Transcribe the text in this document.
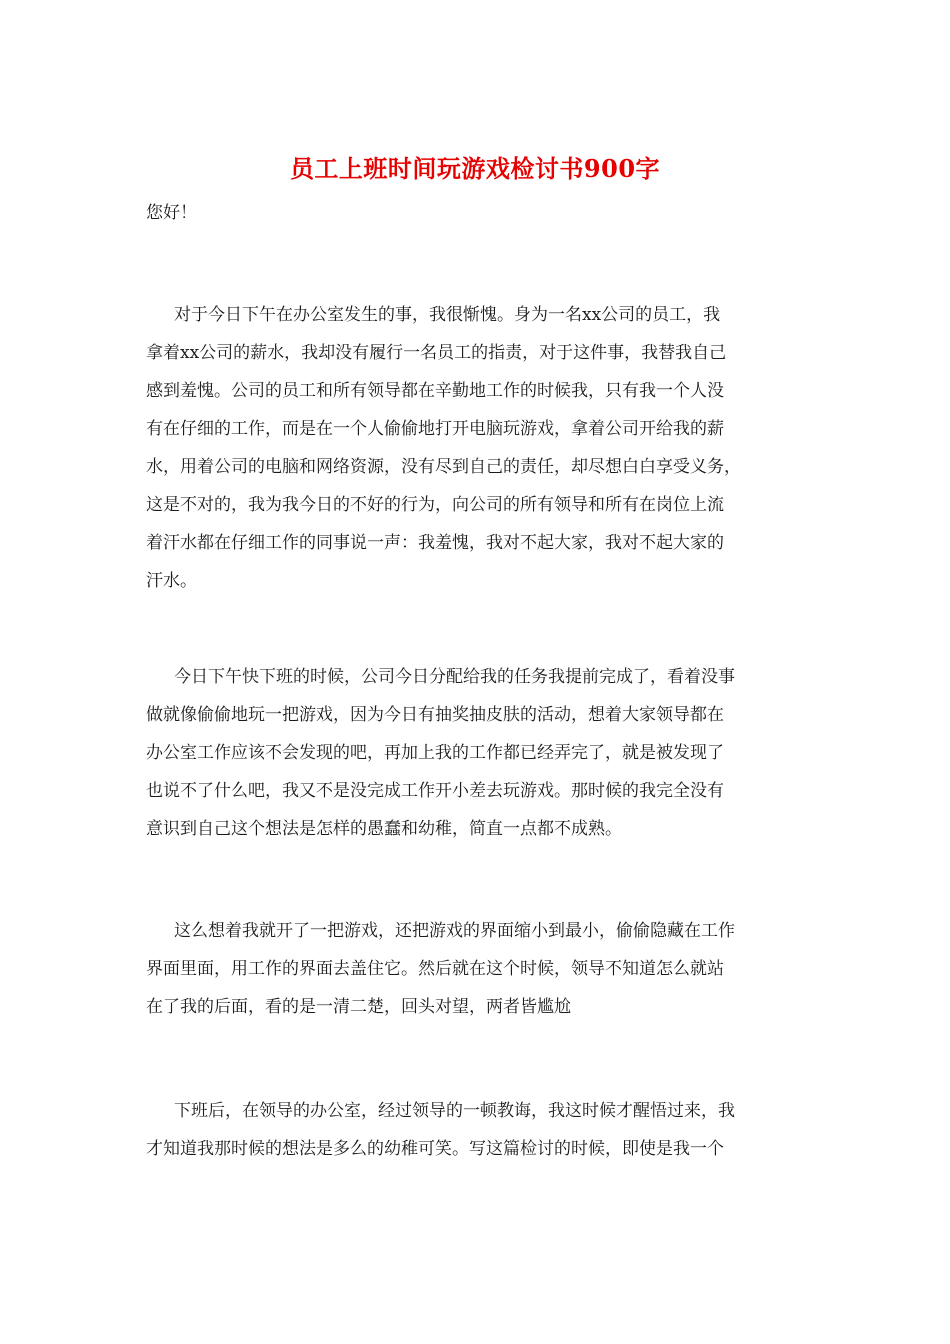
员工上班时间玩游戏检讨书900字
您好！
对于今日下午在办公室发生的事，我很惭愧。身为一名xx公司的员工，我
拿着xx公司的薪水，我却没有履行一名员工的指责，对于这件事，我替我自己
感到羞愧。公司的员工和所有领导都在辛勤地工作的时候我，只有我一个人没
有在仔细的工作，而是在一个人偷偷地打开电脑玩游戏，拿着公司开给我的薪
水，用着公司的电脑和网络资源，没有尽到自己的责任，却尽想白白享受义务，
这是不对的，我为我今日的不好的行为，向公司的所有领导和所有在岗位上流
着汗水都在仔细工作的同事说一声：我羞愧，我对不起大家，我对不起大家的
汗水。
今日下午快下班的时候，公司今日分配给我的任务我提前完成了，看着没事
做就像偷偷地玩一把游戏，因为今日有抽奖抽皮肤的活动，想着大家领导都在
办公室工作应该不会发现的吧，再加上我的工作都已经弄完了，就是被发现了
也说不了什么吧，我又不是没完成工作开小差去玩游戏。那时候的我完全没有
意识到自己这个想法是怎样的愚蠢和幼稚，简直一点都不成熟。
这么想着我就开了一把游戏，还把游戏的界面缩小到最小，偷偷隐藏在工作
界面里面，用工作的界面去盖住它。然后就在这个时候，领导不知道怎么就站
在了我的后面，看的是一清二楚，回头对望，两者皆尴尬
下班后，在领导的办公室，经过领导的一顿教诲，我这时候才醒悟过来，我
才知道我那时候的想法是多么的幼稚可笑。写这篇检讨的时候，即使是我一个
